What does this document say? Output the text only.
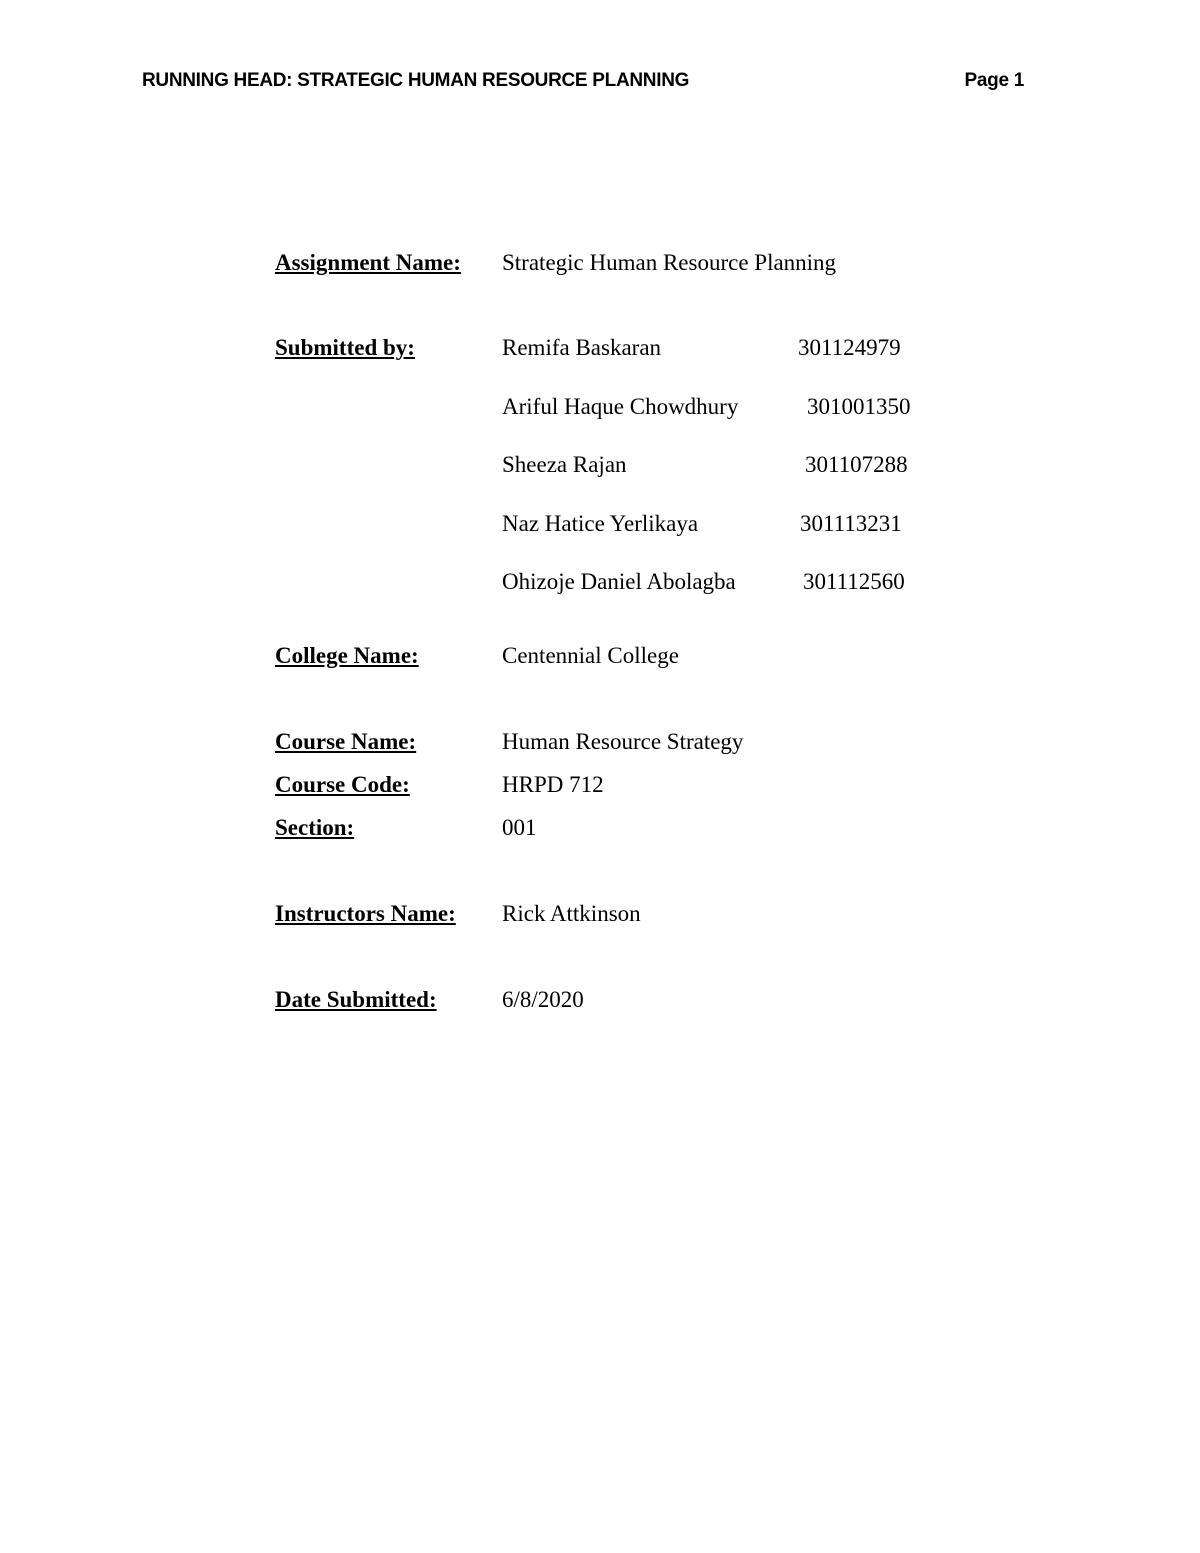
RUNNING HEAD: STRATEGIC HUMAN RESOURCE PLANNING	Page 1
Assignment Name: Strategic Human Resource Planning
Submitted by:	Remifa Baskaran	301124979
Ariful Haque Chowdhury	301001350
Sheeza Rajan	301107288
Naz Hatice Yerlikaya	301113231
Ohizoje Daniel Abolagba	301112560
College Name:	Centennial College
Course Name:	Human Resource Strategy
Course Code:	HRPD 712
Section:	001
Instructors Name: Rick Attkinson
Date Submitted:	6/8/2020
